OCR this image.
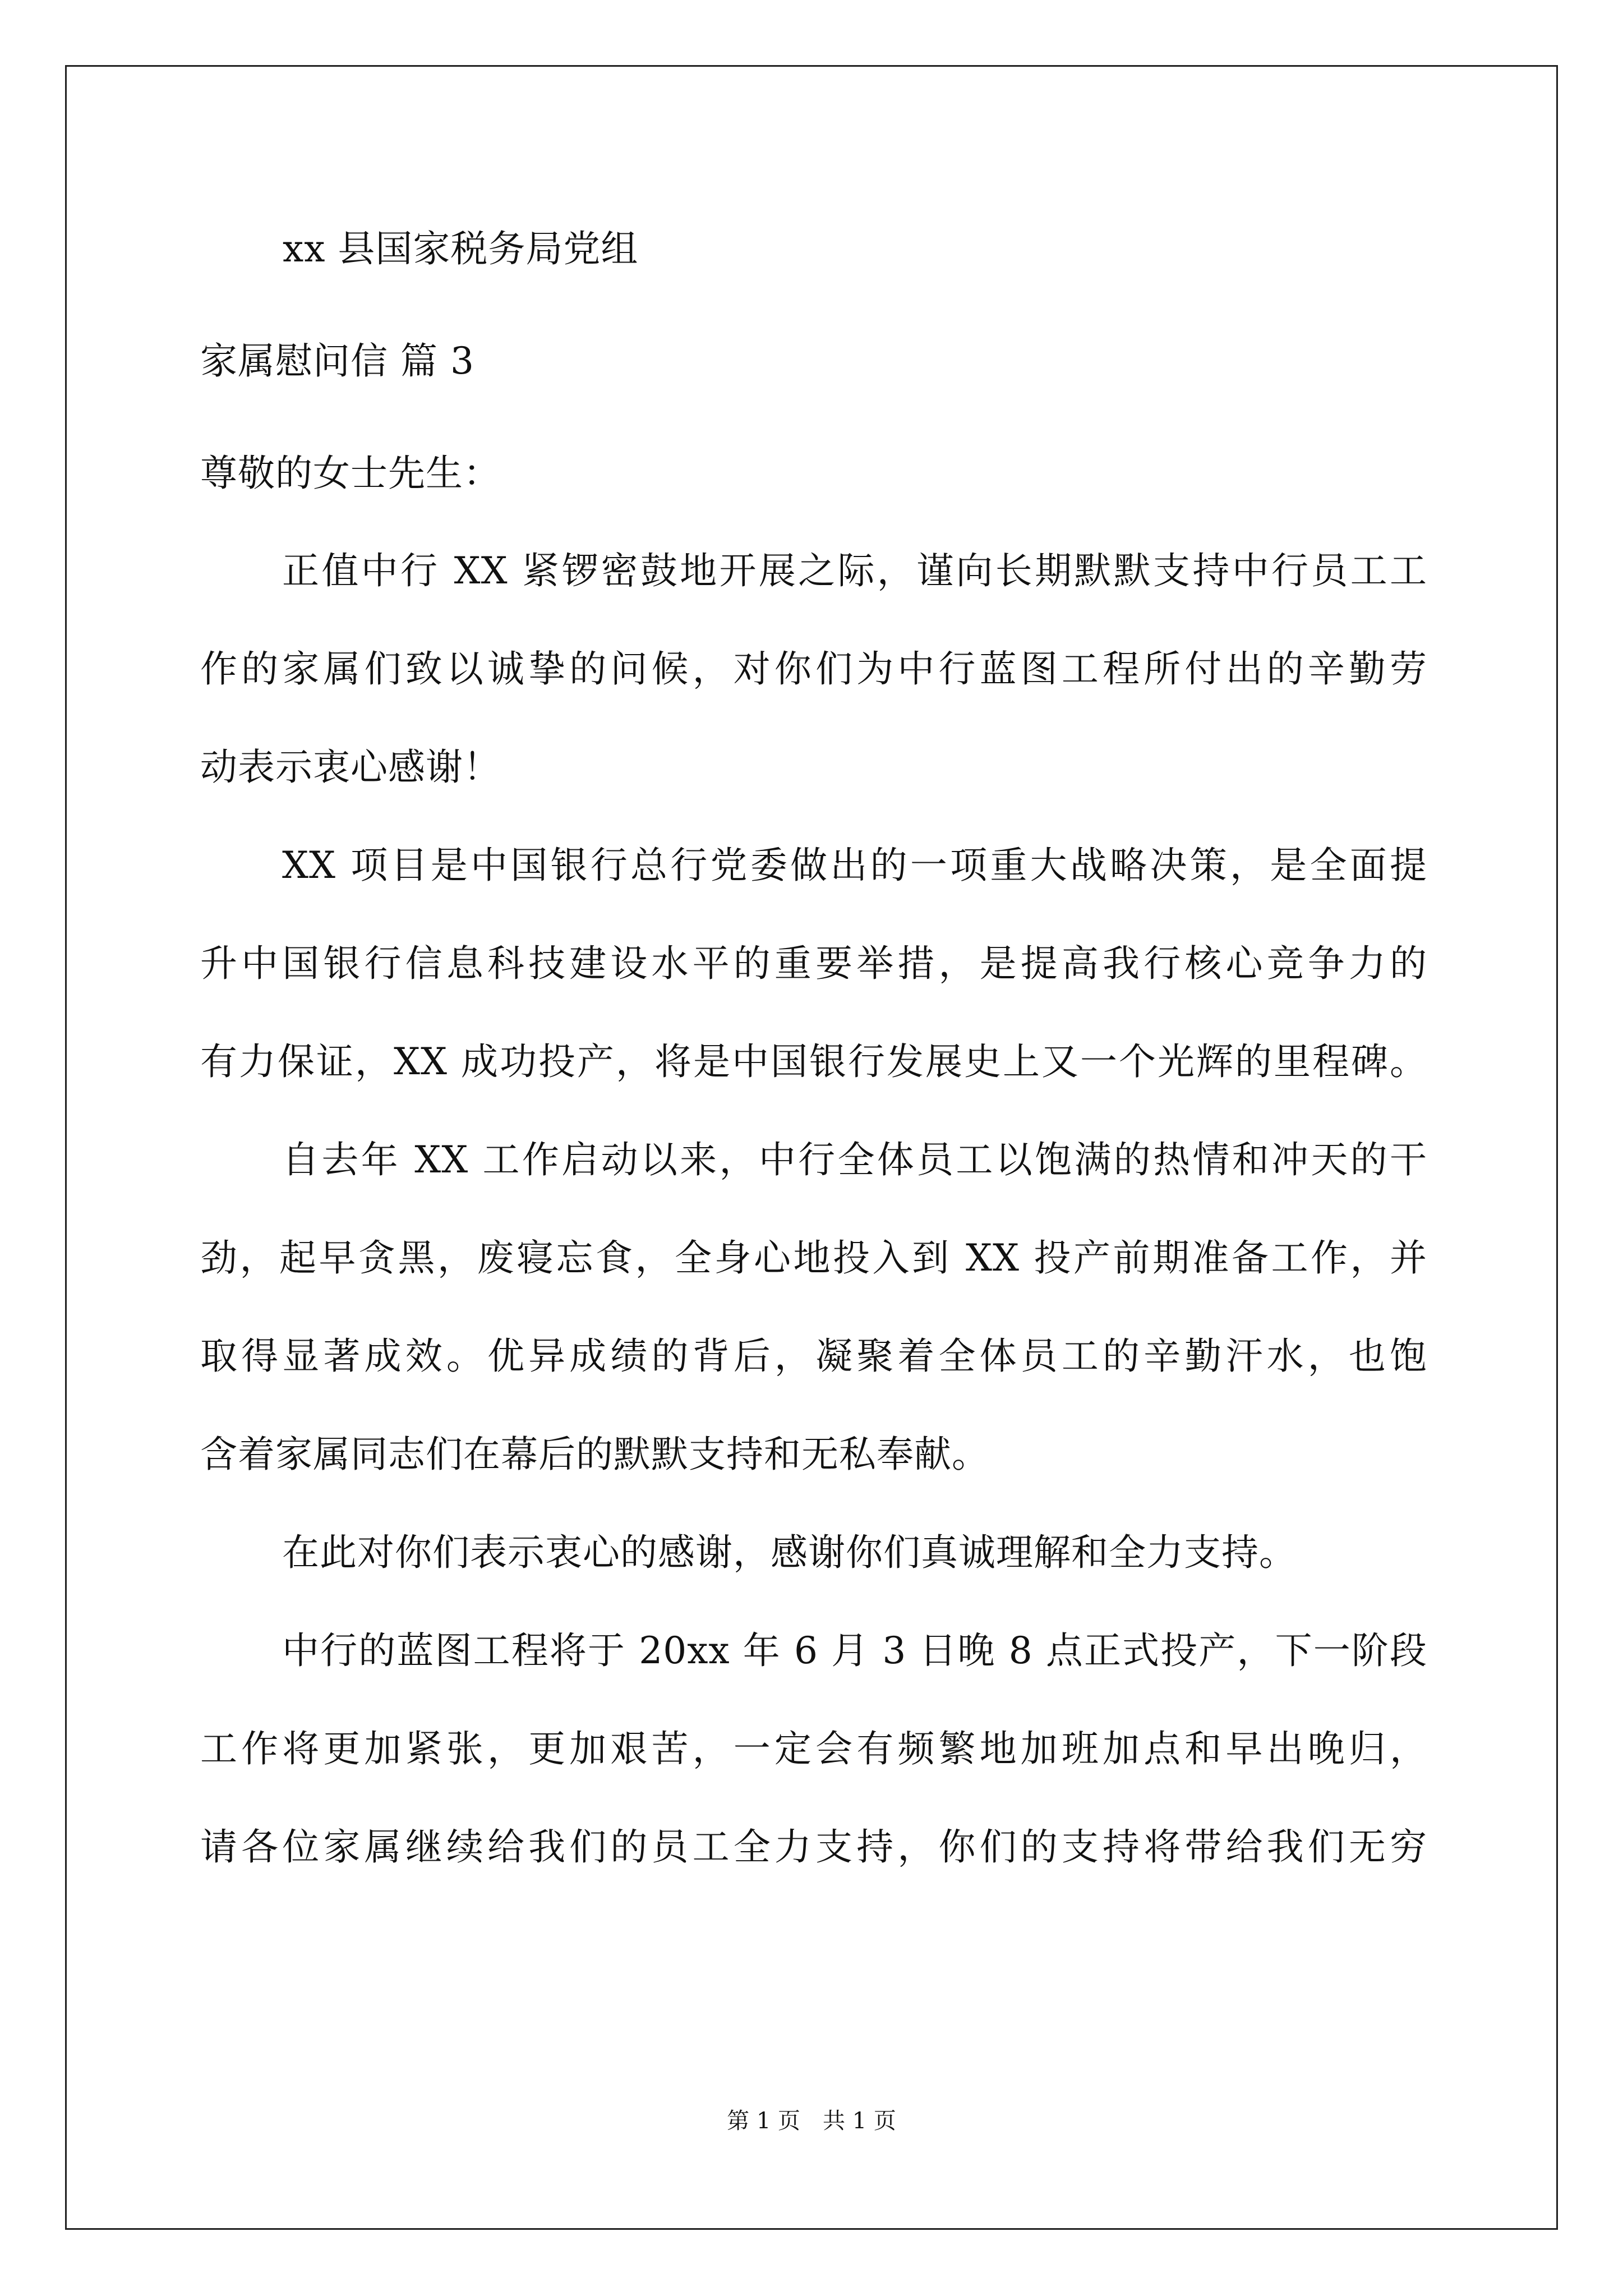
xx 县国家税务局党组
家属慰问信 篇 3
尊敬的女士先生：
正值中行 XX 紧锣密鼓地开展之际，谨向长期默默支持中行员工工
作的家属们致以诚挚的问候，对你们为中行蓝图工程所付出的辛勤劳
动表示衷心感谢！
XX 项目是中国银行总行党委做出的一项重大战略决策，是全面提
升中国银行信息科技建设水平的重要举措，是提高我行核心竞争力的
有力保证，XX 成功投产，将是中国银行发展史上又一个光辉的里程碑。
自去年 XX 工作启动以来，中行全体员工以饱满的热情和冲天的干
劲，起早贪黑，废寝忘食，全身心地投入到 XX 投产前期准备工作，并
取得显著成效。优异成绩的背后，凝聚着全体员工的辛勤汗水，也饱
含着家属同志们在幕后的默默支持和无私奉献。
在此对你们表示衷心的感谢，感谢你们真诚理解和全力支持。
中行的蓝图工程将于 20xx 年 6 月 3 日晚 8 点正式投产，下一阶段
工作将更加紧张，更加艰苦，一定会有频繁地加班加点和早出晚归，
请各位家属继续给我们的员工全力支持，你们的支持将带给我们无穷
第 1 页　共 1 页
